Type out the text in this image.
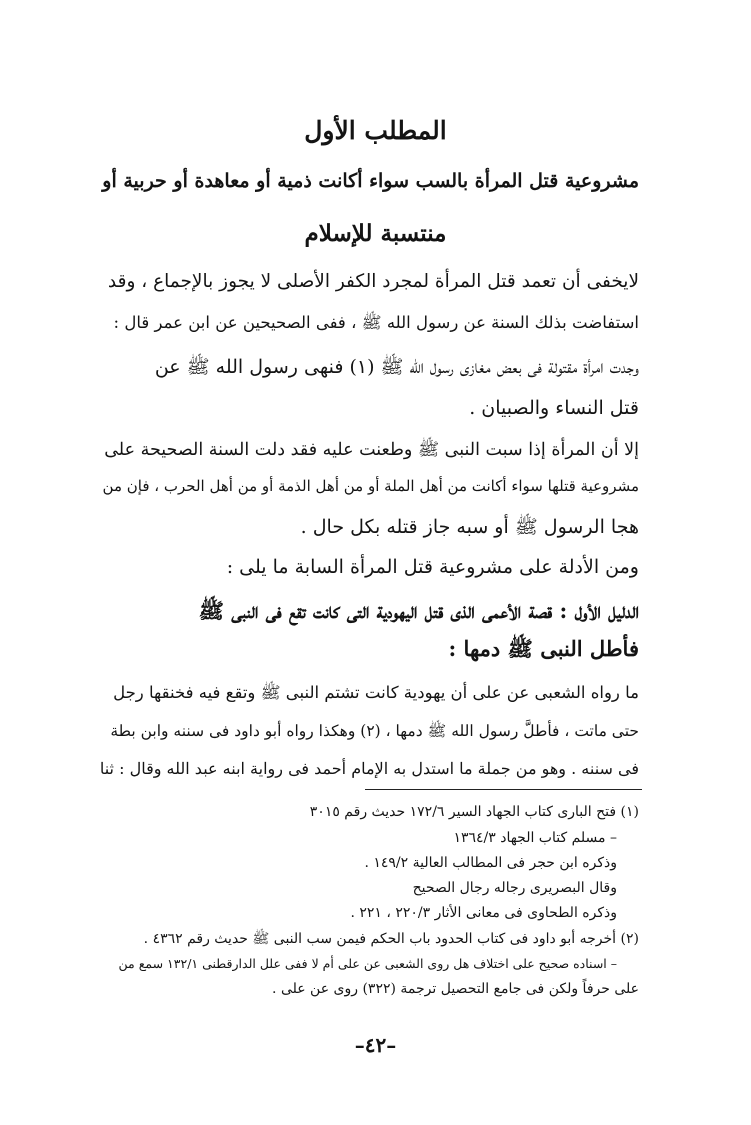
المطلب الأول
مشروعية قتل المرأة بالسب سواء أكانت ذمية أو معاهدة أو حربية أو
منتسبة للإسلام
لايخفى أن تعمد قتل المرأة لمجرد الكفر الأصلى لا يجوز بالإجماع ، وقد
استفاضت بذلك السنة عن رسول الله ﷺ ، ففى الصحيحين عن ابن عمر قال :
وجدت امرأة مقتولة فى بعض مغازى رسول الله ﷺ (١) فنهى رسول الله ﷺ عن
قتل النساء والصبيان .
إلا أن المرأة إذا سبت النبى ﷺ وطعنت عليه فقد دلت السنة الصحيحة على
مشروعية قتلها سواء أكانت من أهل الملة أو من أهل الذمة أو من أهل الحرب ، فإن من
هجا الرسول ﷺ أو سبه جاز قتله بكل حال .
ومن الأدلة على مشروعية قتل المرأة السابة ما يلى :
الدليل الأول : قصة الأعمى الذى قتل اليهودية التى كانت تقع فى النبى ﷺ
فأطل النبى ﷺ دمها :
ما رواه الشعبى عن على أن يهودية كانت تشتم النبى ﷺ وتقع فيه فخنقها رجل
حتى ماتت ، فأطلَّ رسول الله ﷺ دمها ، (٢) وهكذا رواه أبو داود فى سننه وابن بطة
فى سننه . وهو من جملة ما استدل به الإمام أحمد فى رواية ابنه عبد الله وقال : ثنا
(١) فتح البارى كتاب الجهاد السير ١٧٢/٦ حديث رقم ٣٠١٥
– مسلم كتاب الجهاد ١٣٦٤/٣
وذكره ابن حجر فى المطالب العالية ١٤٩/٢ .
وقال البصريرى رجاله رجال الصحيح
وذكره الطحاوى فى معانى الأثار ٢٢٠/٣ ، ٢٢١ .
(٢) أخرجه أبو داود فى كتاب الحدود باب الحكم فيمن سب النبى ﷺ حديث رقم ٤٣٦٢ .
– اسناده صحيح على اختلاف هل روى الشعبى عن على أم لا ففى علل الدارقطنى ١٣٢/١ سمع من
على حرفاً ولكن فى جامع التحصيل ترجمة (٣٢٢) روى عن على .
–٤٢–
